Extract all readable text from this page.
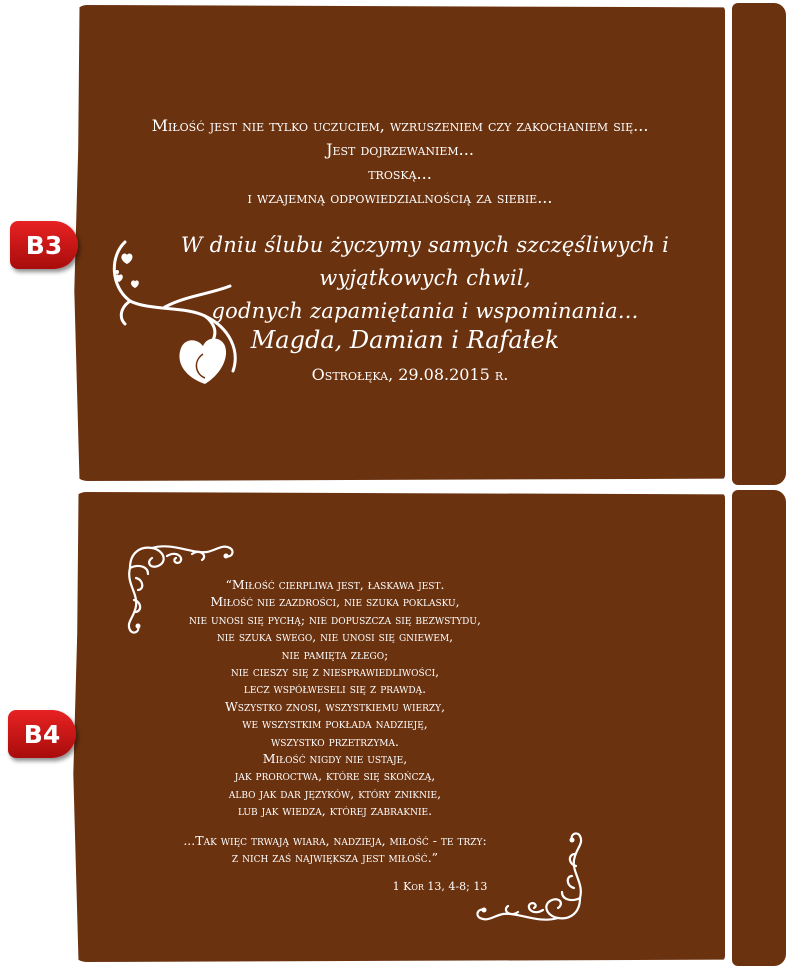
B3
B4
Miłość jest nie tylko uczuciem, wzruszeniem czy zakochaniem się...
Jest dojrzewaniem...
troską...
i wzajemną odpowiedzialnością za siebie...
W dniu ślubu życzymy samych szczęśliwych i wyjątkowych chwil,
godnych zapamiętania i wspominania...
Magda, Damian i Rafałek
Ostrołęka, 29.08.2015 r.
“Miłość cierpliwa jest, łaskawa jest.
Miłość nie zazdrości, nie szuka poklasku,
nie unosi się pychą; nie dopuszcza się bezwstydu,
nie szuka swego, nie unosi się gniewem,
nie pamięta złego;
nie cieszy się z niesprawiedliwości,
lecz współweseli się z prawdą.
Wszystko znosi, wszystkiemu wierzy,
we wszystkim pokłada nadzieję,
wszystko przetrzyma.
Miłość nigdy nie ustaje,
jak proroctwa, które się skończą,
albo jak dar języków, który zniknie,
lub jak wiedza, której zabraknie.
...Tak więc trwają wiara, nadzieja, miłość - te trzy:
z nich zaś największa jest miłość.”
1 Kor 13, 4-8; 13
